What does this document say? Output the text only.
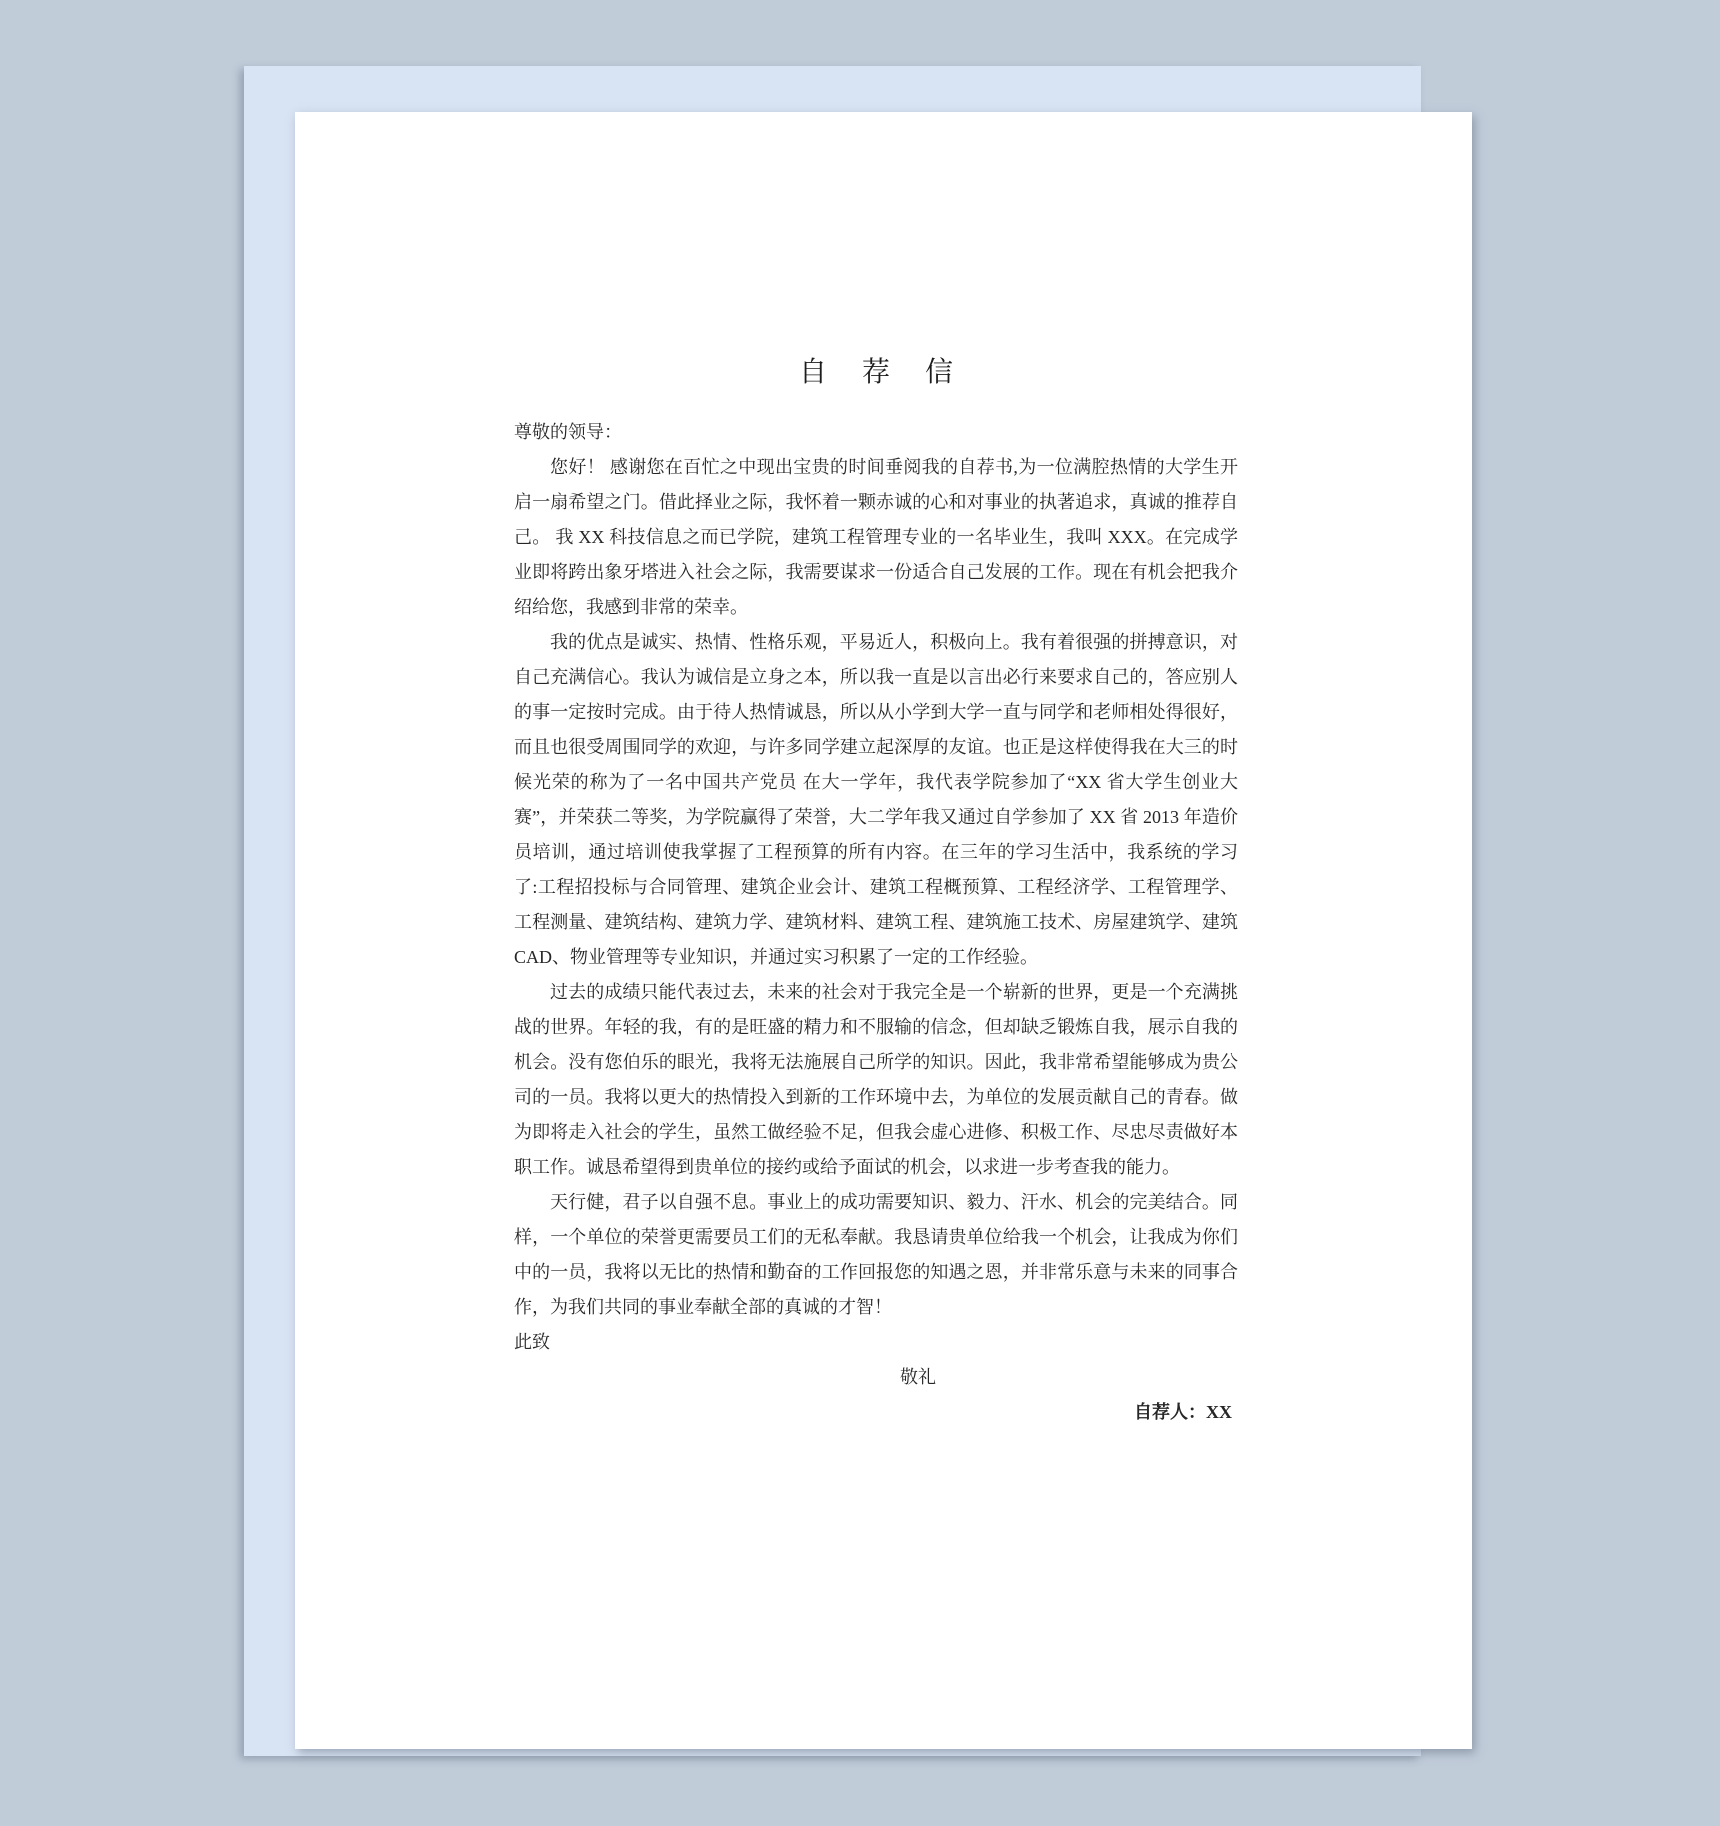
自 荐 信

尊敬的领导：

您好！ 感谢您在百忙之中现出宝贵的时间垂阅我的自荐书,为一位满腔热情的大学生开启一扇希望之门。借此择业之际，我怀着一颗赤诚的心和对事业的执著追求，真诚的推荐自己。 我 XX 科技信息之而已学院，建筑工程管理专业的一名毕业生，我叫 XXX。在完成学业即将跨出象牙塔进入社会之际，我需要谋求一份适合自己发展的工作。现在有机会把我介绍给您，我感到非常的荣幸。

我的优点是诚实、热情、性格乐观，平易近人，积极向上。我有着很强的拼搏意识，对自己充满信心。我认为诚信是立身之本，所以我一直是以言出必行来要求自己的，答应别人的事一定按时完成。由于待人热情诚恳，所以从小学到大学一直与同学和老师相处得很好，而且也很受周围同学的欢迎，与许多同学建立起深厚的友谊。也正是这样使得我在大三的时候光荣的称为了一名中国共产党员 在大一学年，我代表学院参加了“XX 省大学生创业大赛”，并荣获二等奖，为学院赢得了荣誉，大二学年我又通过自学参加了 XX 省 2013 年造价员培训，通过培训使我掌握了工程预算的所有内容。在三年的学习生活中，我系统的学习了:工程招投标与合同管理、建筑企业会计、建筑工程概预算、工程经济学、工程管理学、工程测量、建筑结构、建筑力学、建筑材料、建筑工程、建筑施工技术、房屋建筑学、建筑 CAD、物业管理等专业知识，并通过实习积累了一定的工作经验。

过去的成绩只能代表过去，未来的社会对于我完全是一个崭新的世界，更是一个充满挑战的世界。年轻的我，有的是旺盛的精力和不服输的信念，但却缺乏锻炼自我，展示自我的机会。没有您伯乐的眼光，我将无法施展自己所学的知识。因此，我非常希望能够成为贵公司的一员。我将以更大的热情投入到新的工作环境中去，为单位的发展贡献自己的青春。做为即将走入社会的学生，虽然工做经验不足，但我会虚心进修、积极工作、尽忠尽责做好本职工作。诚恳希望得到贵单位的接约或给予面试的机会，以求进一步考查我的能力。

天行健，君子以自强不息。事业上的成功需要知识、毅力、汗水、机会的完美结合。同样，一个单位的荣誉更需要员工们的无私奉献。我恳请贵单位给我一个机会，让我成为你们中的一员，我将以无比的热情和勤奋的工作回报您的知遇之恩，并非常乐意与未来的同事合作，为我们共同的事业奉献全部的真诚的才智！

此致

敬礼

自荐人：XX
